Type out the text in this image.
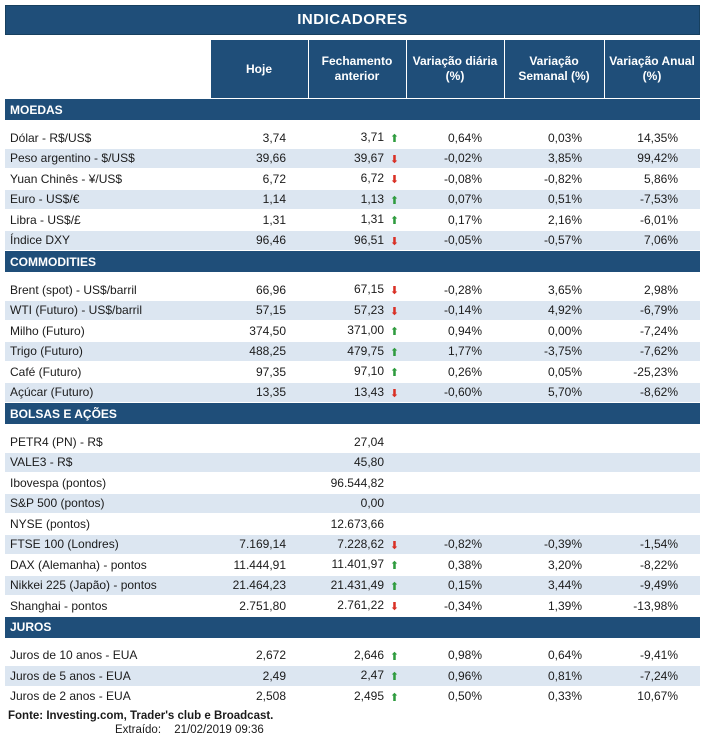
INDICADORES
	Hoje	Fechamento anterior	Variação diária (%)	Variação Semanal (%)	Variação Anual (%)
MOEDAS					

Dólar - R$/US$	3,74	3,71 ⬆	0,64%	0,03%	14,35%
Peso argentino - $/US$	39,66	39,67 ⬇	-0,02%	3,85%	99,42%
Yuan Chinês - ¥/US$	6,72	6,72 ⬇	-0,08%	-0,82%	5,86%
Euro - US$/€	1,14	1,13 ⬆	0,07%	0,51%	-7,53%
Libra - US$/£	1,31	1,31 ⬆	0,17%	2,16%	-6,01%
Índice DXY	96,46	96,51 ⬇	-0,05%	-0,57%	7,06%
COMMODITIES					

Brent (spot) - US$/barril	66,96	67,15 ⬇	-0,28%	3,65%	2,98%
WTI (Futuro) - US$/barril	57,15	57,23 ⬇	-0,14%	4,92%	-6,79%
Milho (Futuro)	374,50	371,00 ⬆	0,94%	0,00%	-7,24%
Trigo (Futuro)	488,25	479,75 ⬆	1,77%	-3,75%	-7,62%
Café (Futuro)	97,35	97,10 ⬆	0,26%	0,05%	-25,23%
Açúcar (Futuro)	13,35	13,43 ⬇	-0,60%	5,70%	-8,62%
BOLSAS E AÇÕES					

PETR4 (PN) - R$		27,04			
VALE3 - R$		45,80			
Ibovespa (pontos)		96.544,82			
S&P 500 (pontos)		0,00			
NYSE (pontos)		12.673,66			
FTSE 100 (Londres)	7.169,14	7.228,62 ⬇	-0,82%	-0,39%	-1,54%
DAX (Alemanha) - pontos	11.444,91	11.401,97 ⬆	0,38%	3,20%	-8,22%
Nikkei 225 (Japão) - pontos	21.464,23	21.431,49 ⬆	0,15%	3,44%	-9,49%
Shanghai - pontos	2.751,80	2.761,22 ⬇	-0,34%	1,39%	-13,98%
JUROS					

Juros de 10 anos - EUA	2,672	2,646 ⬆	0,98%	0,64%	-9,41%
Juros de 5 anos - EUA	2,49	2,47 ⬆	0,96%	0,81%	-7,24%
Juros de 2 anos - EUA	2,508	2,495 ⬆	0,50%	0,33%	10,67%
Fonte: Investing.com, Trader's club e Broadcast.
Extraído: 21/02/2019 09:36
